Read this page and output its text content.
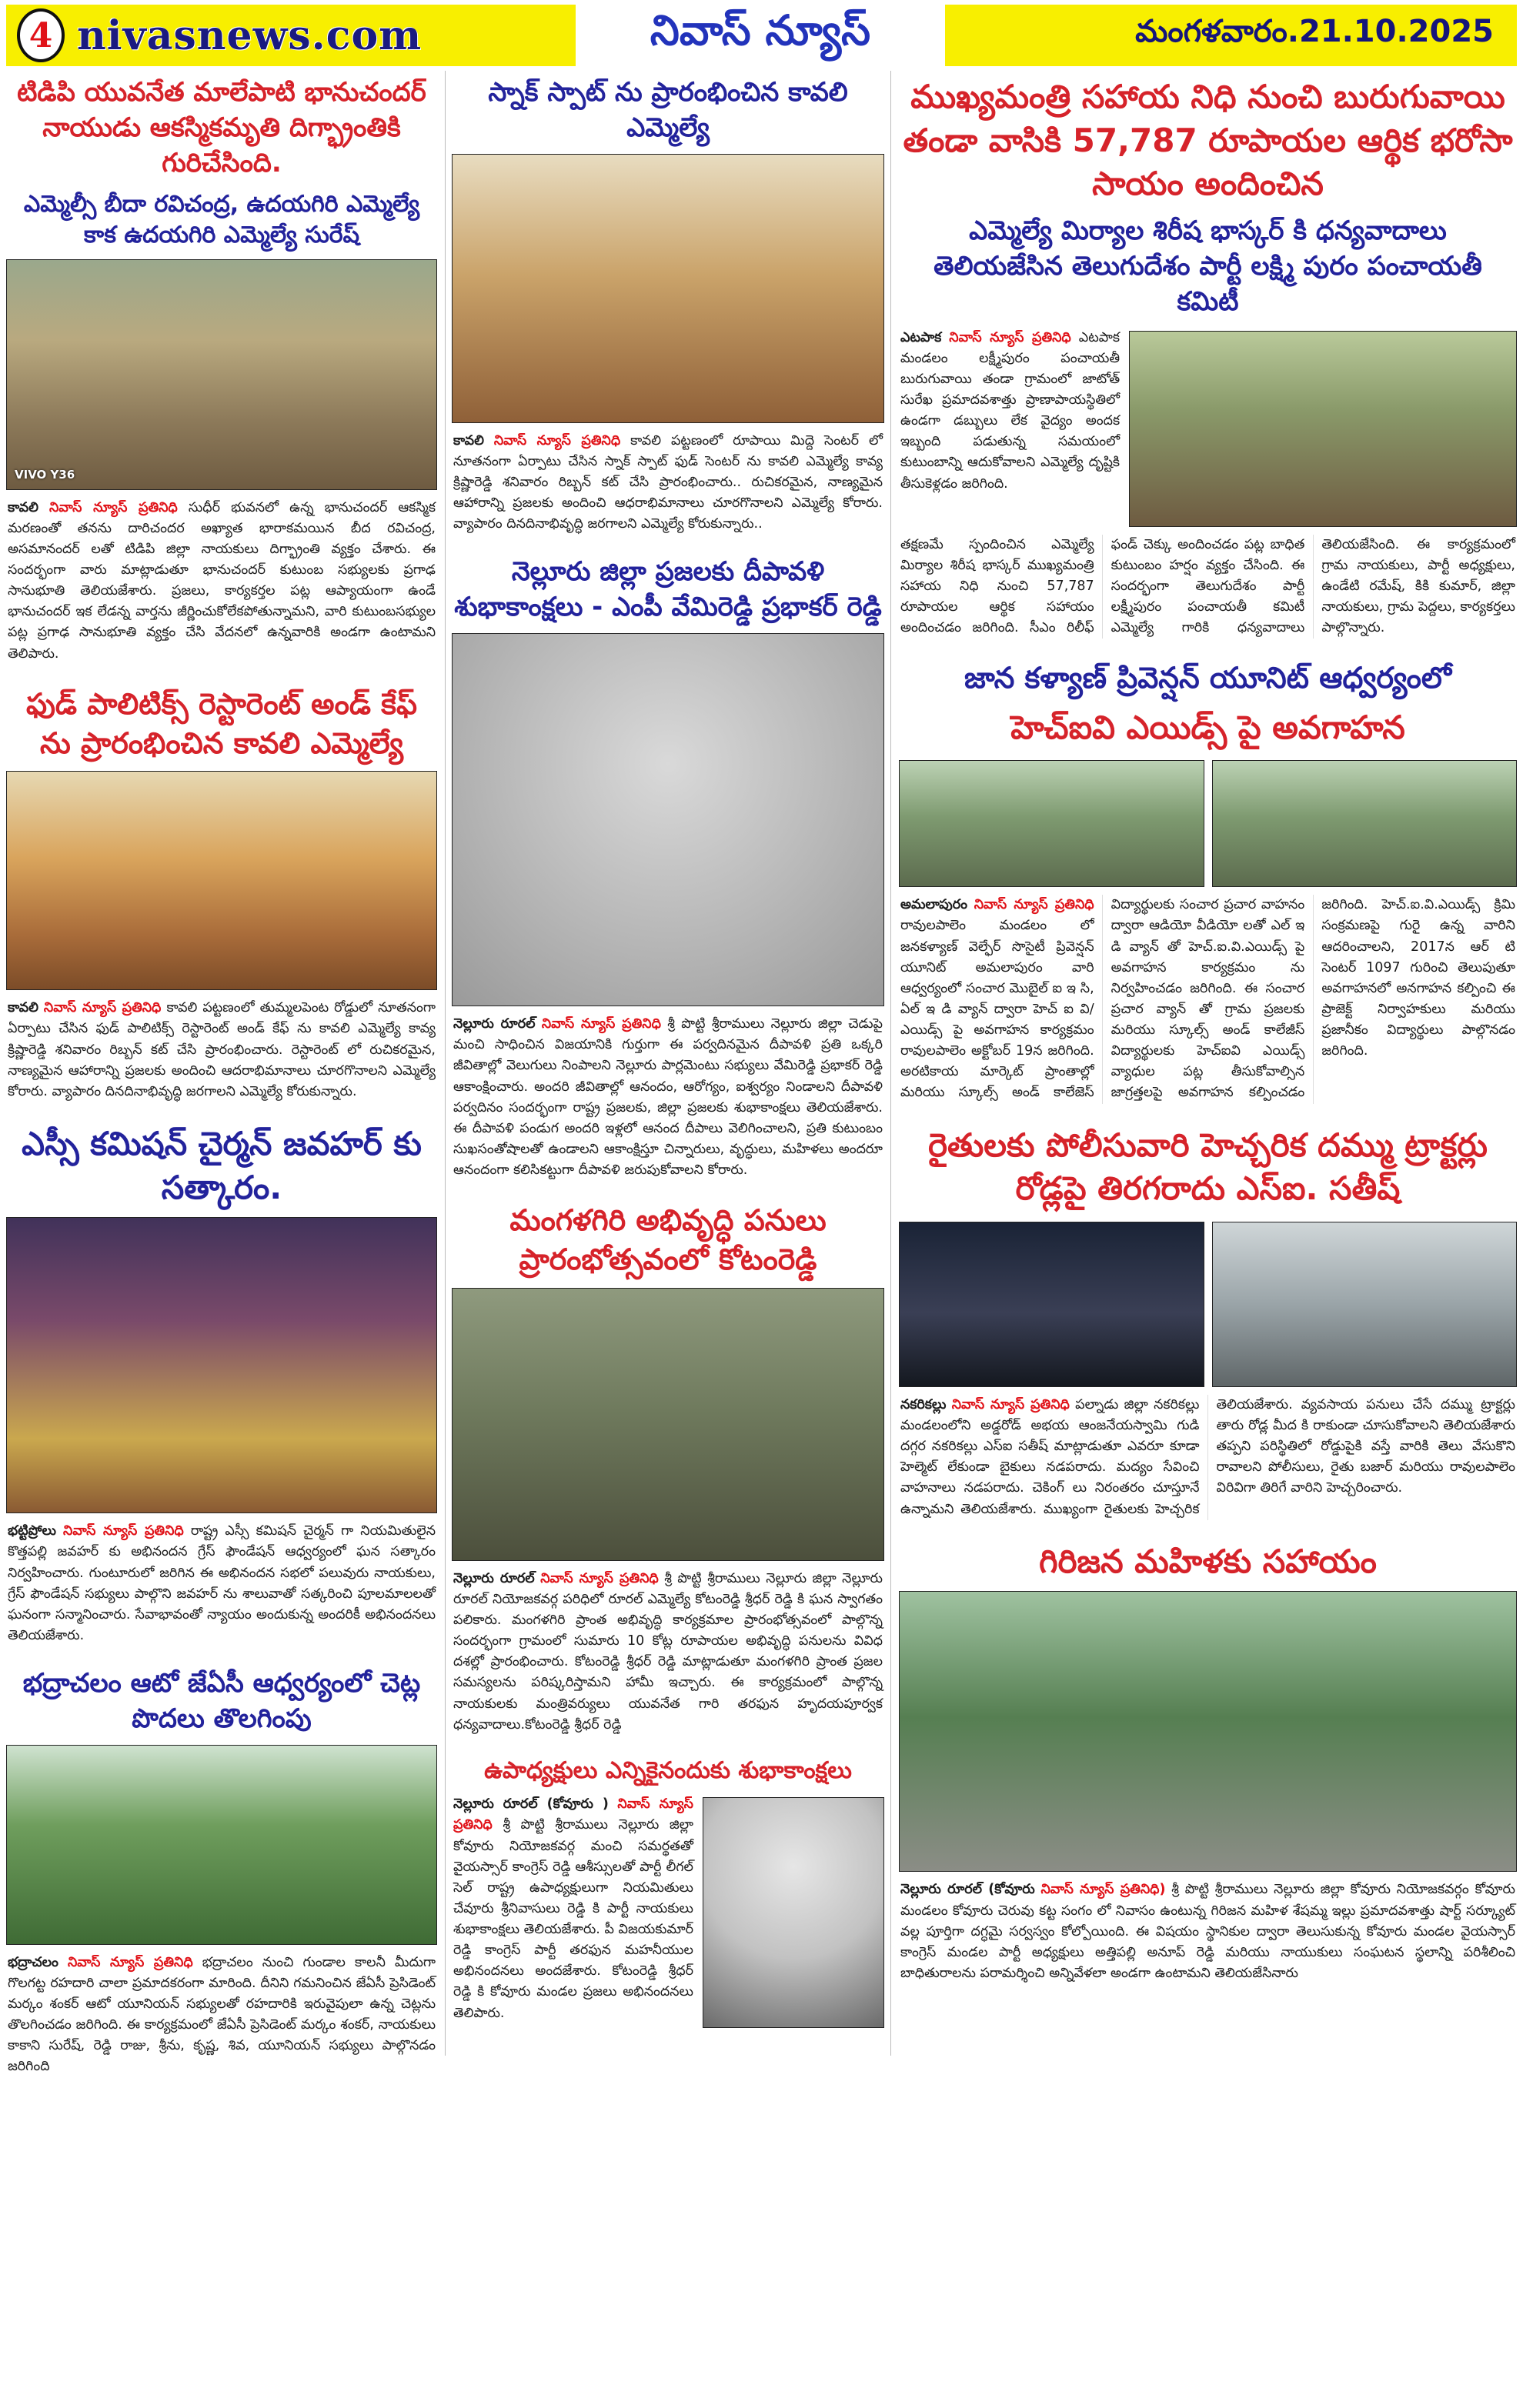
4 nivasnews.com	నివాస్ న్యూస్	మంగళవారం.21.10.2025
టిడిపి యువనేత మాలేపాటి భానుచందర్ నాయుడు ఆకస్మికమృతి దిగ్భ్రాంతికి గురిచేసింది.
ఎమ్మెల్సీ బీదా రవిచంద్ర, ఉదయగిరి ఎమ్మెల్యే కాక ఉదయగిరి ఎమ్మెల్యే సురేష్
VIVO Y36

కావలి నివాస్ న్యూస్ ప్రతినిధి సుధీర్ భువనలో ఉన్న భానుచందర్ ఆకస్మిక మరణంతో తనను దారిచందర అఖ్యాత భారాకమయిన బీద రవిచంద్ర, అసమానందర్ లతో టిడిపి జిల్లా నాయకులు దిగ్భ్రాంతి వ్యక్తం చేశారు. ఈ సందర్భంగా వారు మాట్లాడుతూ భానుచందర్ కుటుంబ సభ్యులకు ప్రగాఢ సానుభూతి తెలియజేశారు. ప్రజలు, కార్యకర్తల పట్ల ఆప్యాయంగా ఉండే భానుచందర్ ఇక లేడన్న వార్తను జీర్ణించుకోలేకపోతున్నామని, వారి కుటుంబసభ్యుల పట్ల ప్రగాఢ సానుభూతి వ్యక్తం చేసి వేదనలో ఉన్నవారికి అండగా ఉంటామని తెలిపారు.

ఫుడ్ పాలిటిక్స్ రెస్టారెంట్ అండ్ కేఫ్ ను ప్రారంభించిన కావలి ఎమ్మెల్యే

కావలి నివాస్ న్యూస్ ప్రతినిధి కావలి పట్టణంలో తుమ్మలపెంట రోడ్డులో నూతనంగా ఏర్పాటు చేసిన ఫుడ్ పాలిటిక్స్ రెస్టారెంట్ అండ్ కేఫ్ ను కావలి ఎమ్మెల్యే కావ్య క్రిష్ణారెడ్డి శనివారం రిబ్బన్ కట్ చేసి ప్రారంభించారు. రెస్టారెంట్ లో రుచికరమైన, నాణ్యమైన ఆహారాన్ని ప్రజలకు అందించి ఆదరాభిమానాలు చూరగొనాలని ఎమ్మెల్యే కోరారు. వ్యాపారం దినదినాభివృద్ధి జరగాలని ఎమ్మెల్యే కోరుకున్నారు.

ఎస్సీ కమిషన్ చైర్మన్ జవహర్ కు సత్కారం.

భట్టిప్రోలు నివాస్ న్యూస్ ప్రతినిధి రాష్ట్ర ఎస్సీ కమిషన్ చైర్మన్ గా నియమితులైన కొత్తపల్లి జవహర్ కు అభినందన గ్రేస్ ఫౌండేషన్ ఆధ్వర్యంలో ఘన సత్కారం నిర్వహించారు. గుంటూరులో జరిగిన ఈ అభినందన సభలో పలువురు నాయకులు, గ్రేస్ ఫౌండేషన్ సభ్యులు పాల్గొని జవహర్ ను శాలువాతో సత్కరించి పూలమాలలతో ఘనంగా సన్మానించారు. సేవాభావంతో న్యాయం అందుకున్న అందరికీ అభినందనలు తెలియజేశారు.

భద్రాచలం ఆటో జేఏసీ ఆధ్వర్యంలో చెట్ల పొదలు తొలగింపు

భద్రాచలం నివాస్ న్యూస్ ప్రతినిధి భద్రాచలం నుంచి గుండాల కాలనీ మీదుగా గొలగట్ట రహదారి చాలా ప్రమాదకరంగా మారింది. దీనిని గమనించిన జేఏసీ ప్రెసిడెంట్ మర్కం శంకర్ ఆటో యూనియన్ సభ్యులతో రహదారికి ఇరువైపులా ఉన్న చెట్లను తొలగించడం జరిగింది. ఈ కార్యక్రమంలో జేఏసీ ప్రెసిడెంట్ మర్కం శంకర్, నాయకులు కాకాని సురేష్, రెడ్డి రాజు, శ్రీను, కృష్ణ, శివ, యూనియన్ సభ్యులు పాల్గొనడం జరిగింది

స్నాక్ స్పాట్ ను ప్రారంభించిన కావలి ఎమ్మెల్యే

కావలి నివాస్ న్యూస్ ప్రతినిధి కావలి పట్టణంలో రూపాయి మిద్దె సెంటర్ లో నూతనంగా ఏర్పాటు చేసిన స్నాక్ స్పాట్ ఫుడ్ సెంటర్ ను కావలి ఎమ్మెల్యే కావ్య క్రిష్ణారెడ్డి శనివారం రిబ్బన్ కట్ చేసి ప్రారంభించారు.. రుచికరమైన, నాణ్యమైన ఆహారాన్ని ప్రజలకు అందించి ఆధరాభిమానాలు చూరగొనాలని ఎమ్మెల్యే కోరారు. వ్యాపారం దినదినాభివృద్ధి జరగాలని ఎమ్మెల్యే కోరుకున్నారు..

నెల్లూరు జిల్లా ప్రజలకు దీపావళి శుభాకాంక్షలు - ఎంపీ వేమిరెడ్డి ప్రభాకర్ రెడ్డి

నెల్లూరు రూరల్ నివాస్ న్యూస్ ప్రతినిధి శ్రీ పొట్టి శ్రీరాములు నెల్లూరు జిల్లా చెడుపై మంచి సాధించిన విజయానికి గుర్తుగా ఈ పర్వదినమైన దీపావళి ప్రతి ఒక్కరి జీవితాల్లో వెలుగులు నింపాలని నెల్లూరు పార్లమెంటు సభ్యులు వేమిరెడ్డి ప్రభాకర్ రెడ్డి ఆకాంక్షించారు. అందరి జీవితాల్లో ఆనందం, ఆరోగ్యం, ఐశ్వర్యం నిండాలని దీపావళి పర్వదినం సందర్భంగా రాష్ట్ర ప్రజలకు, జిల్లా ప్రజలకు శుభాకాంక్షలు తెలియజేశారు. ఈ దీపావళి పండుగ అందరి ఇళ్లలో ఆనంద దీపాలు వెలిగించాలని, ప్రతి కుటుంబం సుఖసంతోషాలతో ఉండాలని ఆకాంక్షిస్తూ చిన్నారులు, వృద్ధులు, మహిళలు అందరూ ఆనందంగా కలిసికట్టుగా దీపావళి జరుపుకోవాలని కోరారు.

మంగళగిరి అభివృద్ధి పనులు ప్రారంభోత్సవంలో కోటంరెడ్డి

నెల్లూరు రూరల్ నివాస్ న్యూస్ ప్రతినిధి శ్రీ పొట్టి శ్రీరాములు నెల్లూరు జిల్లా నెల్లూరు రూరల్ నియోజకవర్గ పరిధిలో రూరల్ ఎమ్మెల్యే కోటంరెడ్డి శ్రీధర్ రెడ్డి కి ఘన స్వాగతం పలికారు. మంగళగిరి ప్రాంత అభివృద్ధి కార్యక్రమాల ప్రారంభోత్సవంలో పాల్గొన్న సందర్భంగా గ్రామంలో సుమారు 10 కోట్ల రూపాయల అభివృద్ధి పనులను వివిధ దశల్లో ప్రారంభించారు. కోటంరెడ్డి శ్రీధర్ రెడ్డి మాట్లాడుతూ మంగళగిరి ప్రాంత ప్రజల సమస్యలను పరిష్కరిస్తామని హామీ ఇచ్చారు. ఈ కార్యక్రమంలో పాల్గొన్న నాయకులకు మంత్రివర్యులు యువనేత గారి తరఫున హృదయపూర్వక ధన్యవాదాలు.కోటంరెడ్డి శ్రీధర్ రెడ్డి

ఉపాధ్యక్షులు ఎన్నికైనందుకు శుభాకాంక్షలు

నెల్లూరు రూరల్ (కోవూరు ) నివాస్ న్యూస్ ప్రతినిధి శ్రీ పొట్టి శ్రీరాములు నెల్లూరు జిల్లా కోవూరు నియోజకవర్గ మంచి సమర్థతతో వైయస్సార్ కాంగ్రెస్ రెడ్డి ఆశీస్సులతో పార్టీ లీగల్ సెల్ రాష్ట్ర ఉపాధ్యక్షులుగా నియమితులు చేవూరు శ్రీనివాసులు రెడ్డి కి పార్టీ నాయకులు శుభాకాంక్షలు తెలియజేశారు. పీ విజయకుమార్ రెడ్డి కాంగ్రెస్ పార్టీ తరఫున మహనీయుల అభినందనలు అందజేశారు. కోటంరెడ్డి శ్రీధర్ రెడ్డి కి కోవూరు మండల ప్రజలు అభినందనలు తెలిపారు.

ముఖ్యమంత్రి సహాయ నిధి నుంచి బురుగువాయి తండా వాసికి 57,787 రూపాయల ఆర్థిక భరోసా సాయం అందించిన
ఎమ్మెల్యే మిర్యాల శిరీష భాస్కర్ కి ధన్యవాదాలు తెలియజేసిన తెలుగుదేశం పార్టీ లక్ష్మి పురం పంచాయతీ కమిటీ

ఎటపాక నివాస్ న్యూస్ ప్రతినిధి ఎటపాక మండలం లక్ష్మీపురం పంచాయతీ బురుగువాయి తండా గ్రామంలో జాటోత్ సురేఖ ప్రమాదవశాత్తు ప్రాణాపాయస్థితిలో ఉండగా డబ్బులు లేక వైద్యం అందక ఇబ్బంది పడుతున్న సమయంలో కుటుంబాన్ని ఆదుకోవాలని ఎమ్మెల్యే దృష్టికి తీసుకెళ్లడం జరిగింది.

తక్షణమే స్పందించిన ఎమ్మెల్యే మిర్యాల శిరీష భాస్కర్ ముఖ్యమంత్రి సహాయ నిధి నుంచి 57,787 రూపాయల ఆర్థిక సహాయం అందించడం జరిగింది. సీఎం రిలీఫ్ ఫండ్ చెక్కు అందించడం పట్ల బాధిత కుటుంబం హర్షం వ్యక్తం చేసింది. ఈ సందర్భంగా తెలుగుదేశం పార్టీ లక్ష్మీపురం పంచాయతీ కమిటీ ఎమ్మెల్యే గారికి ధన్యవాదాలు తెలియజేసింది. ఈ కార్యక్రమంలో గ్రామ నాయకులు, పార్టీ అధ్యక్షులు, ఉండేటి రమేష్, కికి కుమార్, జిల్లా నాయకులు, గ్రామ పెద్దలు, కార్యకర్తలు పాల్గొన్నారు.

జాన కళ్యాణ్ ప్రివెన్షన్ యూనిట్ ఆధ్వర్యంలో
హెచ్ఐవి ఎయిడ్స్ పై అవగాహన

అమలాపురం నివాస్ న్యూస్ ప్రతినిధి రావులపాలెం మండలం లో జనకళ్యాణ్ వెల్ఫేర్ సొసైటీ ప్రివెన్షన్ యూనిట్ అమలాపురం వారి ఆధ్వర్యంలో సంచార మొబైల్ ఐ ఇ సి, ఏల్ ఇ డి వ్యాన్ ద్వారా హెచ్ ఐ వి/ ఎయిడ్స్ పై అవగాహన కార్యక్రమం రావులపాలెం అక్టోబర్ 19న జరిగింది. అరటికాయ మార్కెట్ ప్రాంతాల్లో మరియు స్కూల్స్ అండ్ కాలేజెస్ విద్యార్థులకు సంచార ప్రచార వాహనం ద్వారా ఆడియో వీడియో లతో ఎల్ ఇ డి వ్యాన్ తో హెచ్.ఐ.వి.ఎయిడ్స్ పై అవగాహన కార్యక్రమం ను నిర్వహించడం జరిగింది. ఈ సంచార ప్రచార వ్యాన్ తో గ్రామ ప్రజలకు మరియు స్కూల్స్ అండ్ కాలేజీస్ విద్యార్థులకు హెచ్ఐవి ఎయిడ్స్ వ్యాధుల పట్ల తీసుకోవాల్సిన జాగ్రత్తలపై అవగాహన కల్పించడం జరిగింది. హెచ్.ఐ.వి.ఎయిడ్స్ క్రిమి సంక్రమణపై గురై ఉన్న వారిని ఆదరించాలని, 2017న ఆర్ టి సెంటర్ 1097 గురించి తెలుపుతూ అవగాహనలో అనగాహన కల్పించి ఈ ప్రాజెక్ట్ నిర్వాహకులు మరియు ప్రజానీకం విద్యార్థులు పాల్గొనడం జరిగింది.

రైతులకు పోలీసువారి హెచ్చరిక దమ్ము ట్రాక్టర్లు రోడ్లపై తిరగరాదు ఎస్ఐ. సతీష్

నకరికల్లు నివాస్ న్యూస్ ప్రతినిధి పల్నాడు జిల్లా నకరికల్లు మండలంలోని అడ్డరోడ్ అభయ ఆంజనేయస్వామి గుడి దగ్గర నకరికల్లు ఎస్ఐ సతీష్ మాట్లాడుతూ ఎవరూ కూడా హెల్మెట్ లేకుండా బైకులు నడపరాదు. మద్యం సేవించి వాహనాలు నడపరాదు. చెకింగ్ లు నిరంతరం చూస్తూనే ఉన్నామని తెలియజేశారు. ముఖ్యంగా రైతులకు హెచ్చరిక తెలియజేశారు. వ్యవసాయ పనులు చేసే దమ్ము ట్రాక్టర్లు తారు రోడ్ల మీద కి రాకుండా చూసుకోవాలని తెలియజేశారు తప్పని పరిస్థితిలో రోడ్డుపైకి వస్తే వారికి తెలు వేసుకొని రావాలని పోలీసులు, రైతు బజార్ మరియు రావులపాలెం విరివిగా తిరిగే వారిని హెచ్చరించారు.

గిరిజన మహిళకు సహాయం

నెల్లూరు రూరల్ (కోవూరు నివాస్ న్యూస్ ప్రతినిధి) శ్రీ పొట్టి శ్రీరాములు నెల్లూరు జిల్లా కోవూరు నియోజకవర్గం కోవూరు మండలం కోవూరు చెరువు కట్ట సంగం లో నివాసం ఉంటున్న గిరిజన మహిళ శేషమ్మ ఇల్లు ప్రమాదవశాత్తు షార్ట్ సర్క్యూట్ వల్ల పూర్తిగా దగ్ధమై సర్వస్వం కోల్పోయింది. ఈ విషయం స్థానికుల ద్వారా తెలుసుకున్న కోవూరు మండల వైయస్సార్ కాంగ్రెస్ మండల పార్టీ అధ్యక్షులు అత్తిపల్లి అనూప్ రెడ్డి మరియు నాయుకులు సంఘటన స్థలాన్ని పరిశీలించి బాధితురాలను పరామర్శించి అన్నివేళలా అండగా ఉంటామని తెలియజేసినారు
